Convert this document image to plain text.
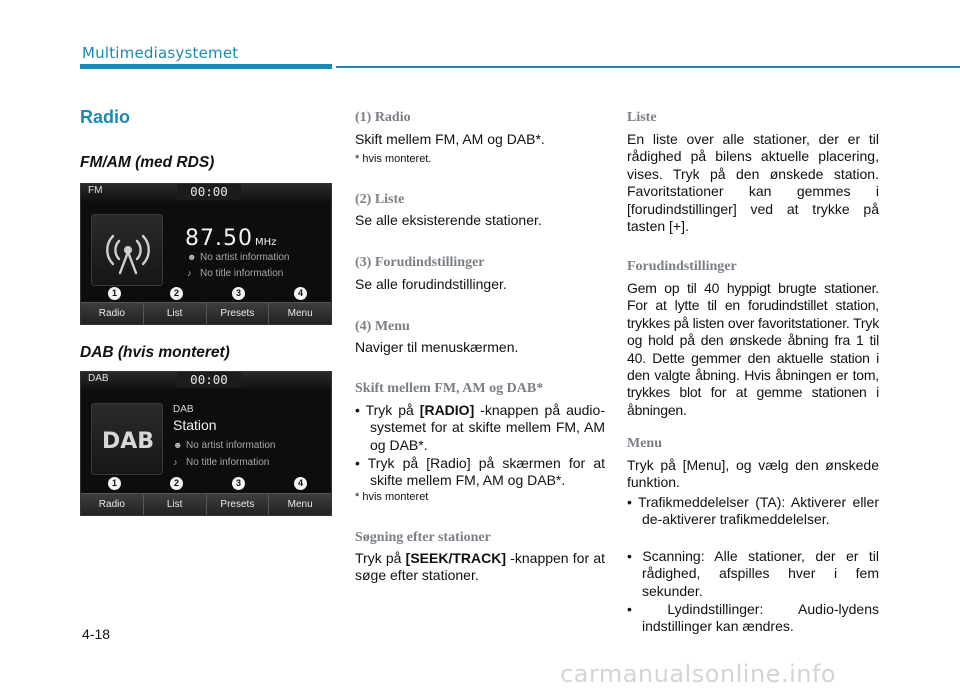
Multimediasystemet
Radio
FM/AM (med RDS)
FM	00:00
87.50 MHz
☻ No artist information
♪ No title information
1	2	3	4
Radio	List	Presets	Menu
DAB (hvis monteret)
DAB	00:00
DAB
DAB
Station
☻ No artist information
♪ No title information
1	2	3	4
Radio	List	Presets	Menu
(1) Radio
Skift mellem FM, AM og DAB*.
* hvis monteret.
(2) Liste
Se alle eksisterende stationer.
(3) Forudindstillinger
Se alle forudindstillinger.
(4) Menu
Naviger til menuskærmen.
Skift mellem FM, AM og DAB*
• Tryk på [RADIO] -knappen på audio-systemet for at skifte mellem FM, AM og DAB*.
• Tryk på [Radio] på skærmen for at skifte mellem FM, AM og DAB*.
* hvis monteret
Søgning efter stationer
Tryk på [SEEK/TRACK] -knappen for at søge efter stationer.
Liste
En liste over alle stationer, der er til rådighed på bilens aktuelle placering, vises. Tryk på den ønskede station. Favoritstationer kan gemmes i [forudindstillinger] ved at trykke på tasten [+].
Forudindstillinger
Gem op til 40 hyppigt brugte stationer. For at lytte til en forudindstillet station, trykkes på listen over favoritstationer. Tryk og hold på den ønskede åbning fra 1 til 40. Dette gemmer den aktuelle station i den valgte åbning. Hvis åbningen er tom, trykkes blot for at gemme stationen i åbningen.
Menu
Tryk på [Menu], og vælg den ønskede funktion.
• Trafikmeddelelser (TA): Aktiverer eller de-aktiverer trafikmeddelelser.
• Scanning: Alle stationer, der er til rådighed, afspilles hver i fem sekunder.
• Lydindstillinger: Audio-lydens indstillinger kan ændres.
4-18
carmanualsonline.info
